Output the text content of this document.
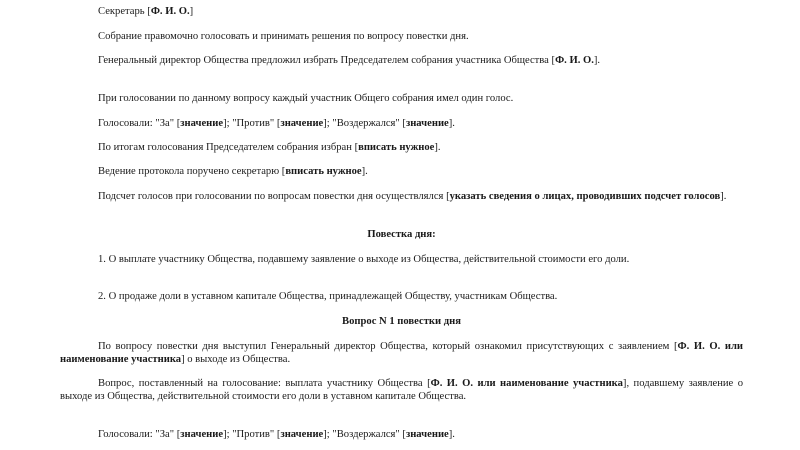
Секретарь [Ф. И. О.]

Собрание правомочно голосовать и принимать решения по вопросу повестки дня.

Генеральный директор Общества предложил избрать Председателем собрания участника Общества [Ф. И. О.].

При голосовании по данному вопросу каждый участник Общего собрания имел один голос.

Голосовали: "За" [значение]; "Против" [значение]; "Воздержался" [значение].

По итогам голосования Председателем собрания избран [вписать нужное].

Ведение протокола поручено секретарю [вписать нужное].

Подсчет голосов при голосовании по вопросам повестки дня осуществлялся [указать сведения о лицах, проводивших подсчет голосов].

Повестка дня:

1. О выплате участнику Общества, подавшему заявление о выходе из Общества, действительной стоимости его доли.

2. О продаже доли в уставном капитале Общества, принадлежащей Обществу, участникам Общества.

Вопрос N 1 повестки дня

По вопросу повестки дня выступил Генеральный директор Общества, который ознакомил присутствующих с заявлением [Ф. И. О. или наименование участника] о выходе из Общества.

Вопрос, поставленный на голосование: выплата участнику Общества [Ф. И. О. или наименование участника], подавшему заявление о выходе из Общества, действительной стоимости его доли в уставном капитале Общества.

Голосовали: "За" [значение]; "Против" [значение]; "Воздержался" [значение].
